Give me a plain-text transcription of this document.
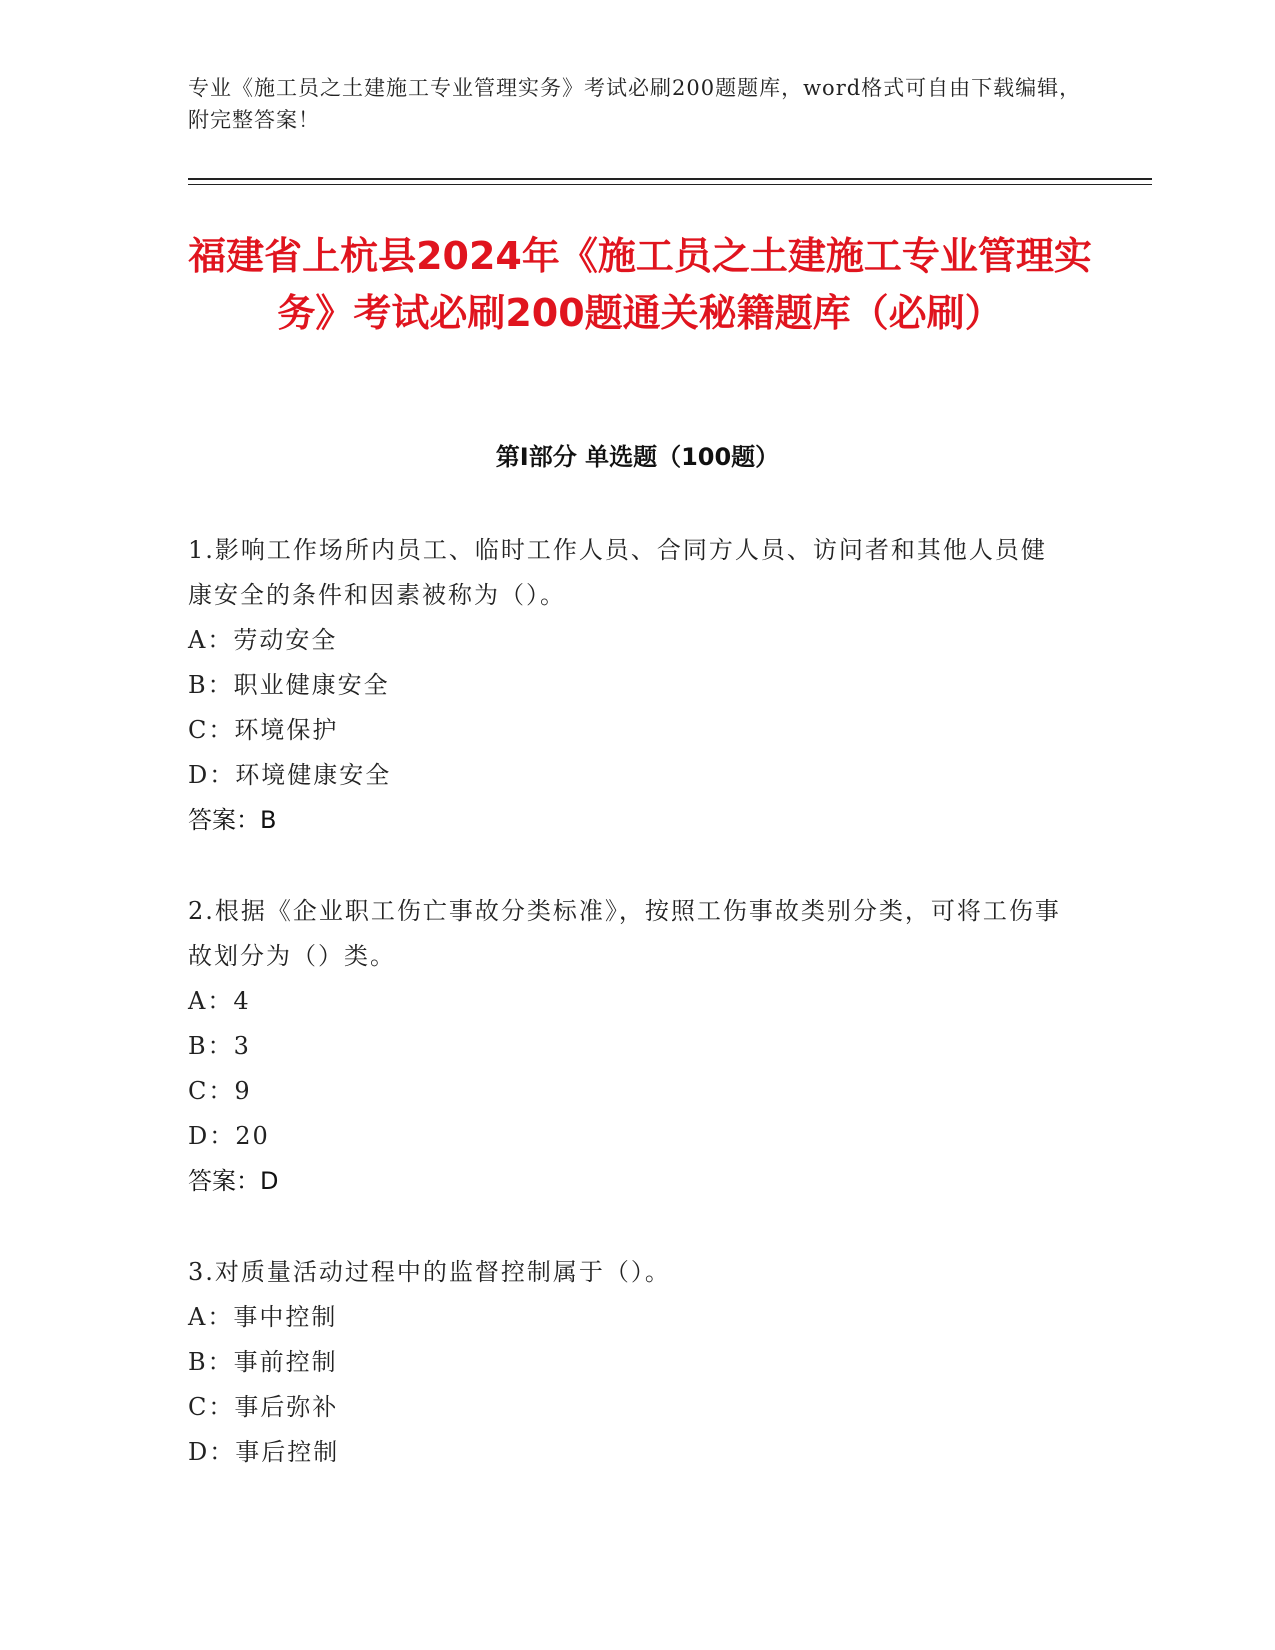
专业《施工员之土建施工专业管理实务》考试必刷200题题库，word格式可自由下载编辑，附完整答案！
福建省上杭县2024年《施工员之土建施工专业管理实务》考试必刷200题通关秘籍题库（必刷）
第I部分 单选题（100题）
1.影响工作场所内员工、临时工作人员、合同方人员、访问者和其他人员健康安全的条件和因素被称为（）。
A：劳动安全
B：职业健康安全
C：环境保护
D：环境健康安全
答案：B
2.根据《企业职工伤亡事故分类标准》，按照工伤事故类别分类，可将工伤事故划分为（）类。
A：4
B：3
C：9
D：20
答案：D
3.对质量活动过程中的监督控制属于（）。
A：事中控制
B：事前控制
C：事后弥补
D：事后控制
